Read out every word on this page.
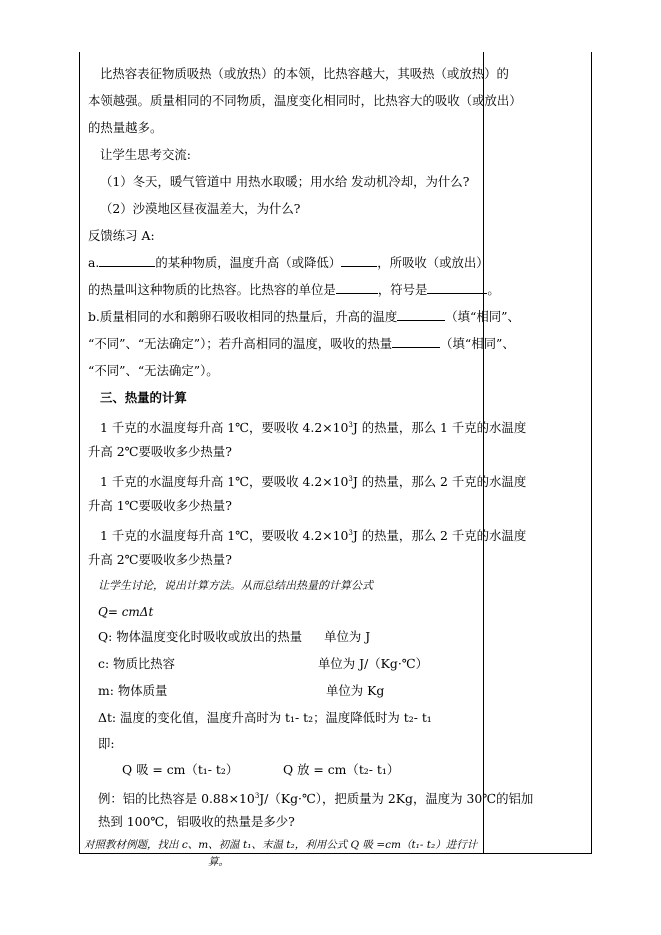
比热容表征物质吸热（或放热）的本领，比热容越大，其吸热（或放热）的
本领越强。质量相同的不同物质，温度变化相同时，比热容大的吸收（或放出）
的热量越多。
让学生思考交流:
（1）冬天，暖气管道中 用热水取暖；用水给 发动机冷却，为什么?
（2）沙漠地区昼夜温差大，为什么?
反馈练习 A:
a.	的某种物质，温度升高（或降低）	，所吸收（或放出）
的热量叫这种物质的比热容。比热容的单位是	，符号是	。
b.质量相同的水和鹅卵石吸收相同的热量后，升高的温度	（填“相同”、
“不同”、“无法确定”）；若升高相同的温度，吸收的热量	（填“相同”、
“不同”、“无法确定”）。
三、热量的计算
1 千克的水温度每升高 1℃，要吸收 $4.2\times 10^3J$ 的热量，那么 1 千克的水温度
升高 2℃要吸收多少热量?
1 千克的水温度每升高 1℃，要吸收 $4.2\times 10^3J$ 的热量，那么 2 千克的水温度
升高 1℃要吸收多少热量?
1 千克的水温度每升高 1℃，要吸收 $4.2\times 10^3J$ 的热量，那么 2 千克的水温度
升高 2℃要吸收多少热量?
让学生讨论，说出计算方法。从而总结出热量的计算公式
Q= cmΔt
Q: 物体温度变化时吸收或放出的热量 单位为 J
c: 物质比热容	单位为 J/（Kg·℃）
m: 物体质量	单位为 Kg
Δt: 温度的变化值，温度升高时为 t₁- t₂；温度降低时为 t₂- t₁
即:
Q 吸 = cm（t₁- t₂）	Q 放 = cm（t₂- t₁）
例：铝的比热容是 $0.88\times 10^3J/(Kg\cdot℃)$，把质量为 2Kg，温度为 30℃的铝加
热到 100℃，铝吸收的热量是多少?
对照教材例题，找出 c、m、初温 t₁、末温 t₂，利用公式 Q 吸 =cm（t₁- t₂）进行计
算。
